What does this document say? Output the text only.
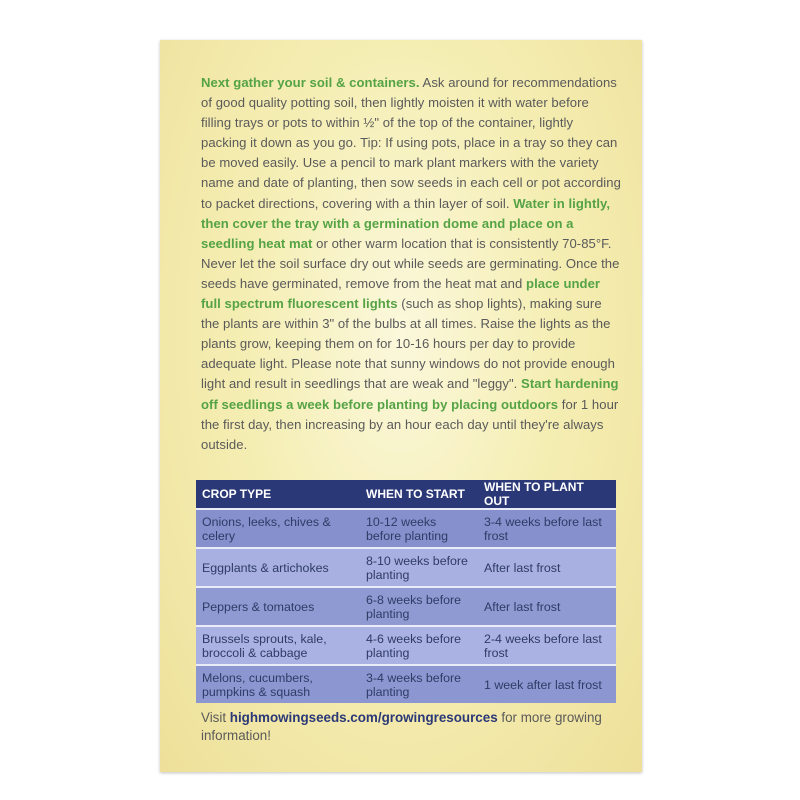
Next gather your soil & containers. Ask around for recommendations of good quality potting soil, then lightly moisten it with water before filling trays or pots to within ½" of the top of the container, lightly packing it down as you go. Tip: If using pots, place in a tray so they can be moved easily. Use a pencil to mark plant markers with the variety name and date of planting, then sow seeds in each cell or pot according to packet directions, covering with a thin layer of soil. Water in lightly, then cover the tray with a germination dome and place on a seedling heat mat or other warm location that is consistently 70-85°F. Never let the soil surface dry out while seeds are germinating. Once the seeds have germinated, remove from the heat mat and place under full spectrum fluorescent lights (such as shop lights), making sure the plants are within 3" of the bulbs at all times. Raise the lights as the plants grow, keeping them on for 10-16 hours per day to provide adequate light. Please note that sunny windows do not provide enough light and result in seedlings that are weak and "leggy". Start hardening off seedlings a week before planting by placing outdoors for 1 hour the first day, then increasing by an hour each day until they're always outside.
CROP TYPE	WHEN TO START	WHEN TO PLANT OUT
Onions, leeks, chives & celery	10-12 weeks before planting	3-4 weeks before last frost
Eggplants & artichokes	8-10 weeks before planting	After last frost
Peppers & tomatoes	6-8 weeks before planting	After last frost
Brussels sprouts, kale, broccoli & cabbage	4-6 weeks before planting	2-4 weeks before last frost
Melons, cucumbers, pumpkins & squash	3-4 weeks before planting	1 week after last frost
Visit highmowingseeds.com/growingresources for more growing information!
